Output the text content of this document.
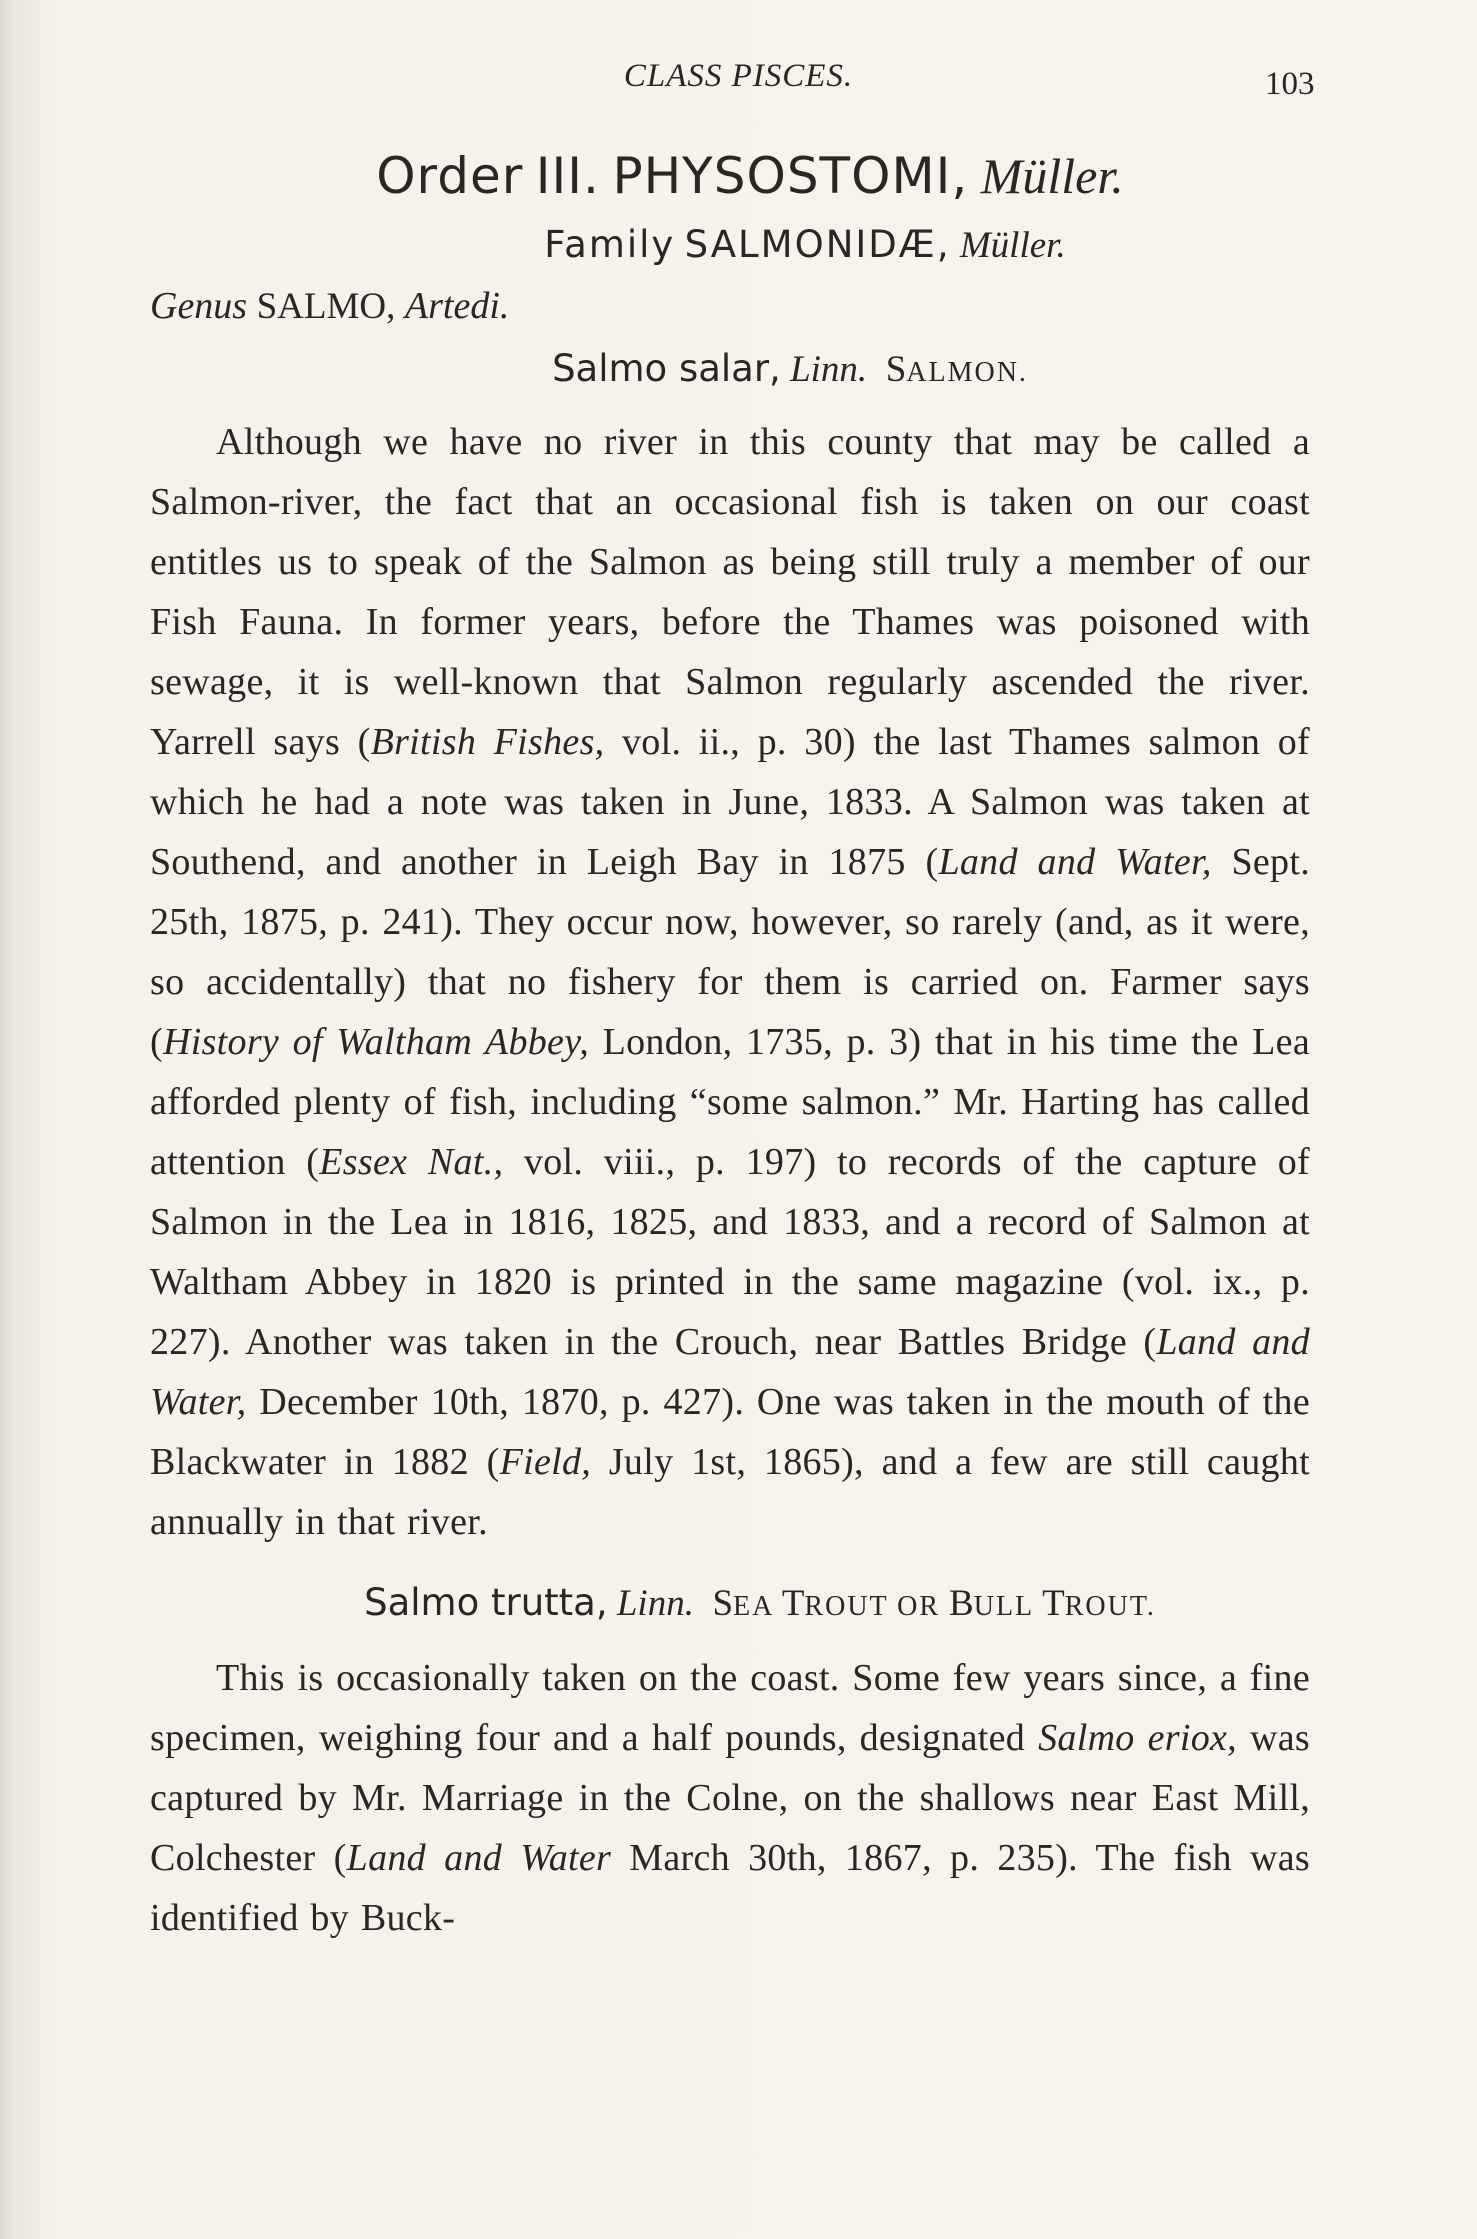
CLASS PISCES.	103
Order III. PHYSOSTOMI, Müller.
Family SALMONIDÆ, Müller.
Genus SALMO, Artedi.
Salmo salar, Linn. SALMON.

Although we have no river in this county that may be called a Salmon-river, the fact that an occasional fish is taken on our coast entitles us to speak of the Salmon as being still truly a member of our Fish Fauna. In former years, before the Thames was poisoned with sewage, it is well-known that Salmon regularly ascended the river. Yarrell says (British Fishes, vol. ii., p. 30) the last Thames salmon of which he had a note was taken in June, 1833. A Salmon was taken at Southend, and another in Leigh Bay in 1875 (Land and Water, Sept. 25th, 1875, p. 241). They occur now, however, so rarely (and, as it were, so accidentally) that no fishery for them is carried on. Farmer says (History of Waltham Abbey, London, 1735, p. 3) that in his time the Lea afforded plenty of fish, including “some salmon.” Mr. Harting has called attention (Essex Nat., vol. viii., p. 197) to records of the capture of Salmon in the Lea in 1816, 1825, and 1833, and a record of Salmon at Waltham Abbey in 1820 is printed in the same magazine (vol. ix., p. 227). Another was taken in the Crouch, near Battles Bridge (Land and Water, December 10th, 1870, p. 427). One was taken in the mouth of the Blackwater in 1882 (Field, July 1st, 1865), and a few are still caught annually in that river.

Salmo trutta, Linn. SEA TROUT OR BULL TROUT.

This is occasionally taken on the coast. Some few years since, a fine specimen, weighing four and a half pounds, designated Salmo eriox, was captured by Mr. Marriage in the Colne, on the shallows near East Mill, Colchester (Land and Water March 30th, 1867, p. 235). The fish was identified by Buck-
